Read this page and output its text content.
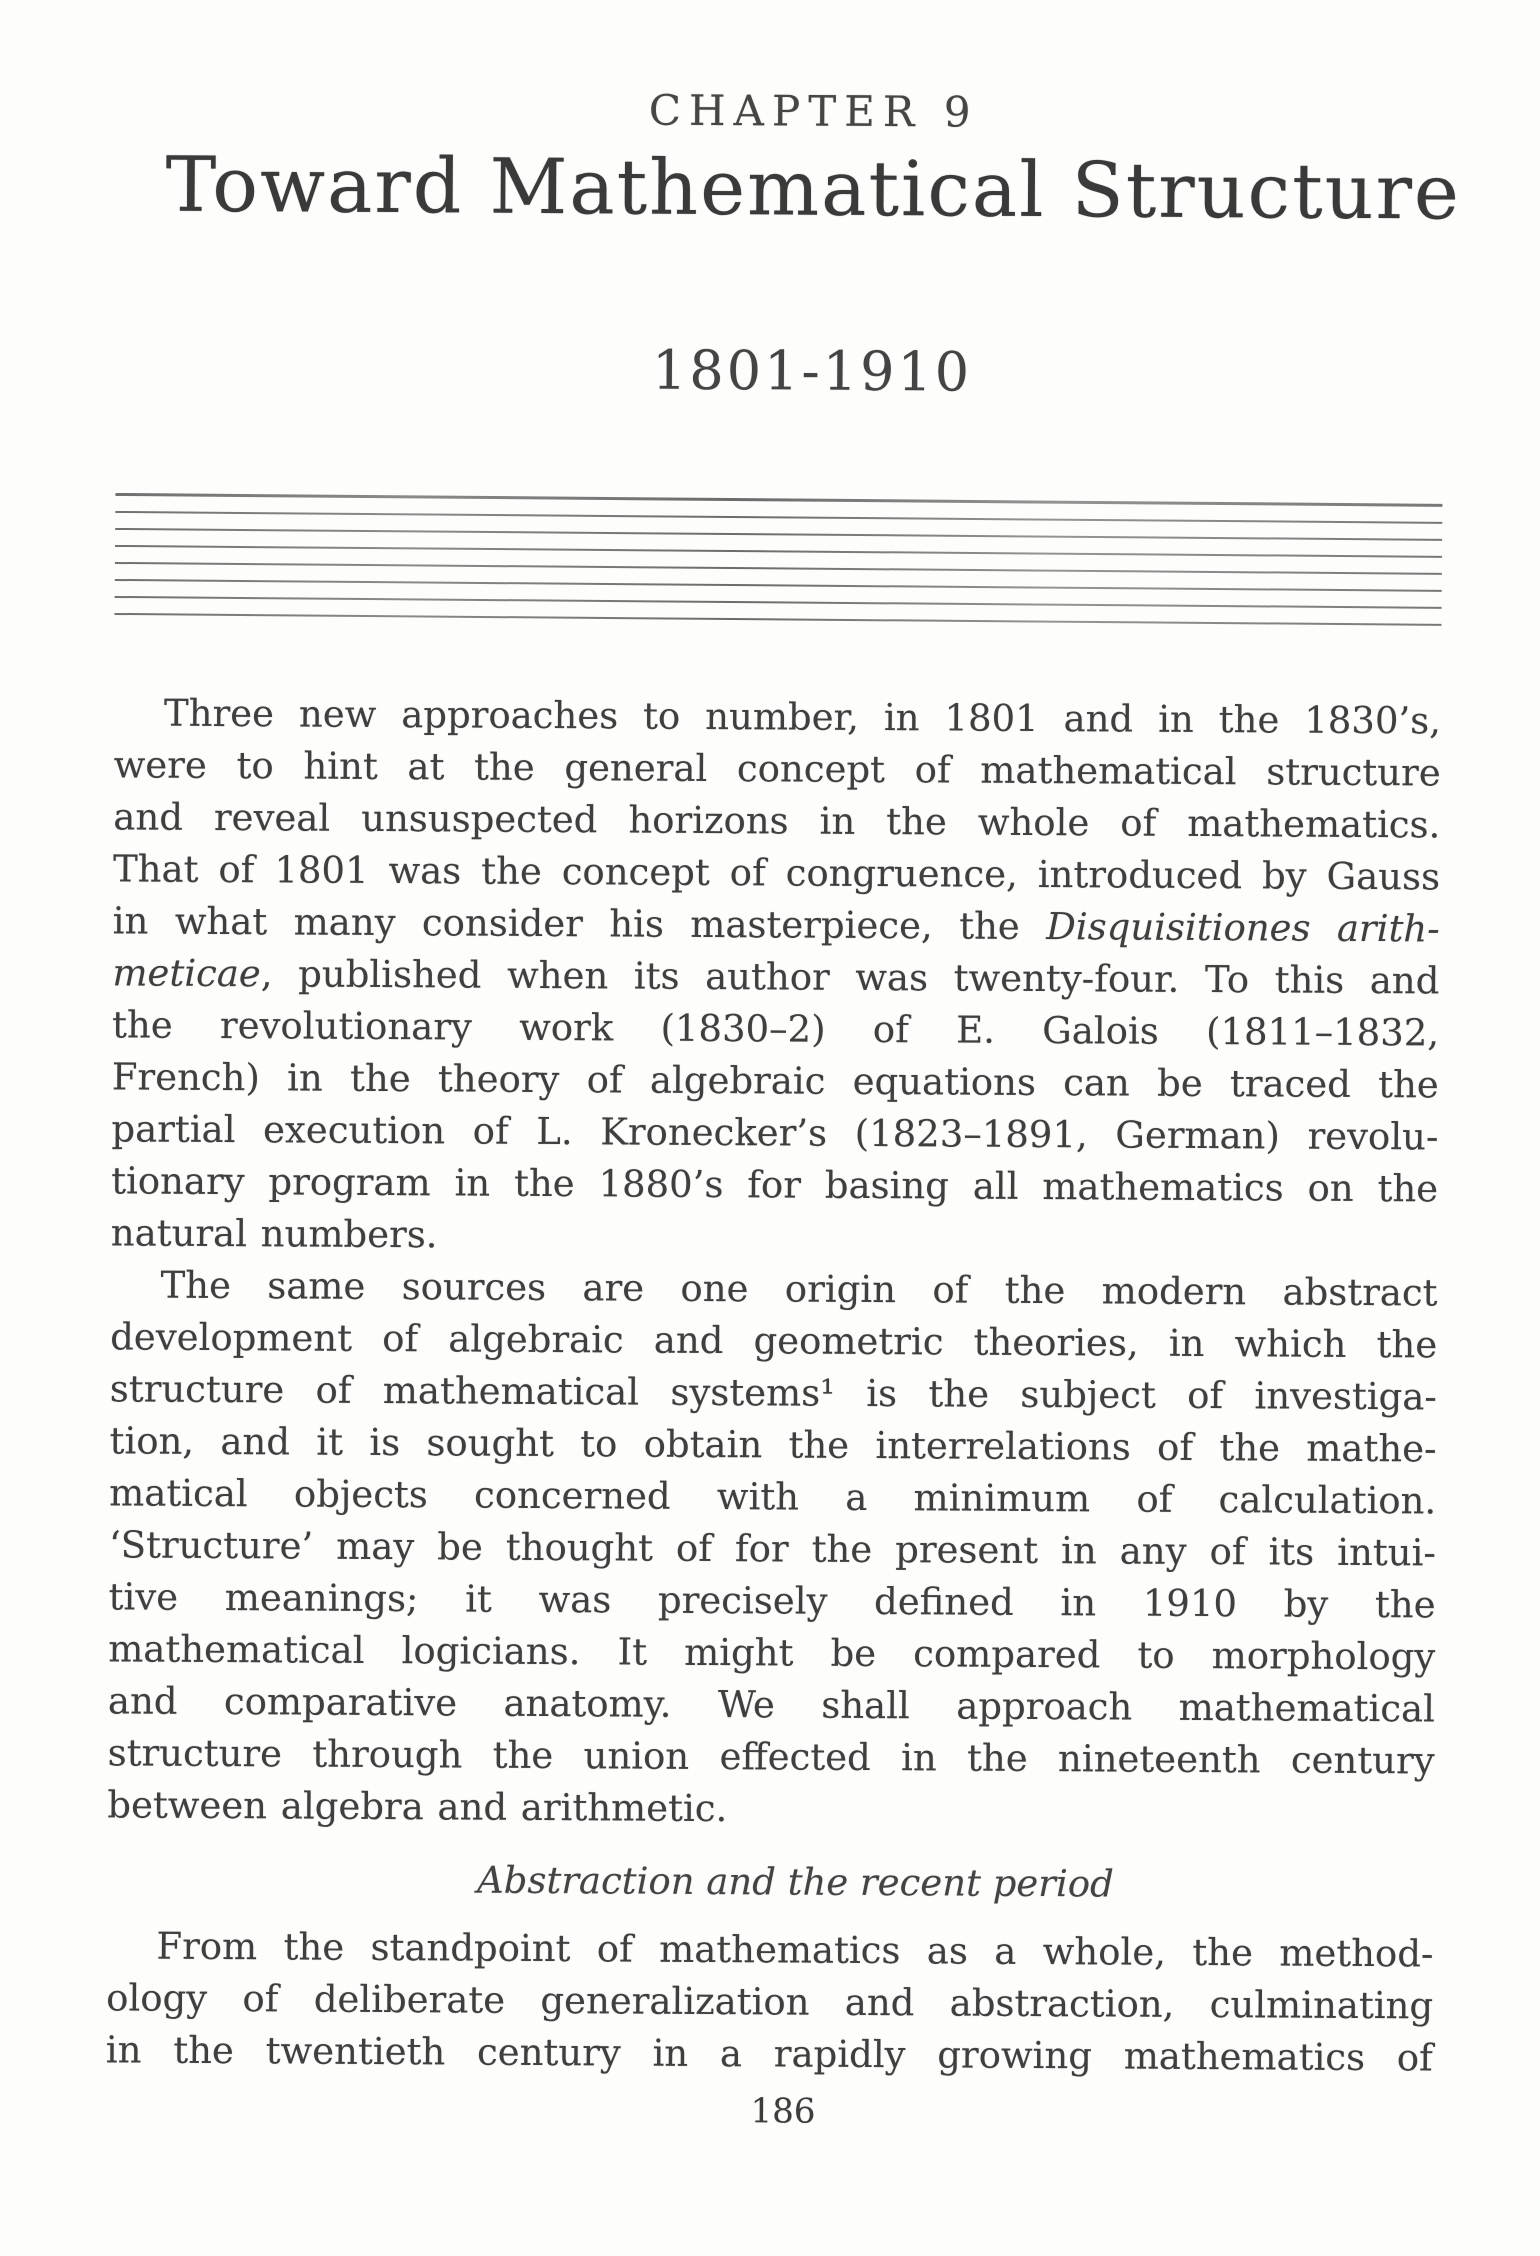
CHAPTER 9
Toward Mathematical Structure
1801-1910
Three new approaches to number, in 1801 and in the 1830’s,
were to hint at the general concept of mathematical structure
and reveal unsuspected horizons in the whole of mathematics.
That of 1801 was the concept of congruence, introduced by Gauss
in what many consider his masterpiece, the Disquisitiones arith-
meticae, published when its author was twenty-four. To this and
the revolutionary work (1830–2) of E. Galois (1811–1832,
French) in the theory of algebraic equations can be traced the
partial execution of L. Kronecker’s (1823–1891, German) revolu-
tionary program in the 1880’s for basing all mathematics on the
natural numbers.
The same sources are one origin of the modern abstract
development of algebraic and geometric theories, in which the
structure of mathematical systems¹ is the subject of investiga-
tion, and it is sought to obtain the interrelations of the mathe-
matical objects concerned with a minimum of calculation.
‘Structure’ may be thought of for the present in any of its intui-
tive meanings; it was precisely defined in 1910 by the
mathematical logicians. It might be compared to morphology
and comparative anatomy. We shall approach mathematical
structure through the union effected in the nineteenth century
between algebra and arithmetic.
Abstraction and the recent period
From the standpoint of mathematics as a whole, the method-
ology of deliberate generalization and abstraction, culminating
in the twentieth century in a rapidly growing mathematics of
186
